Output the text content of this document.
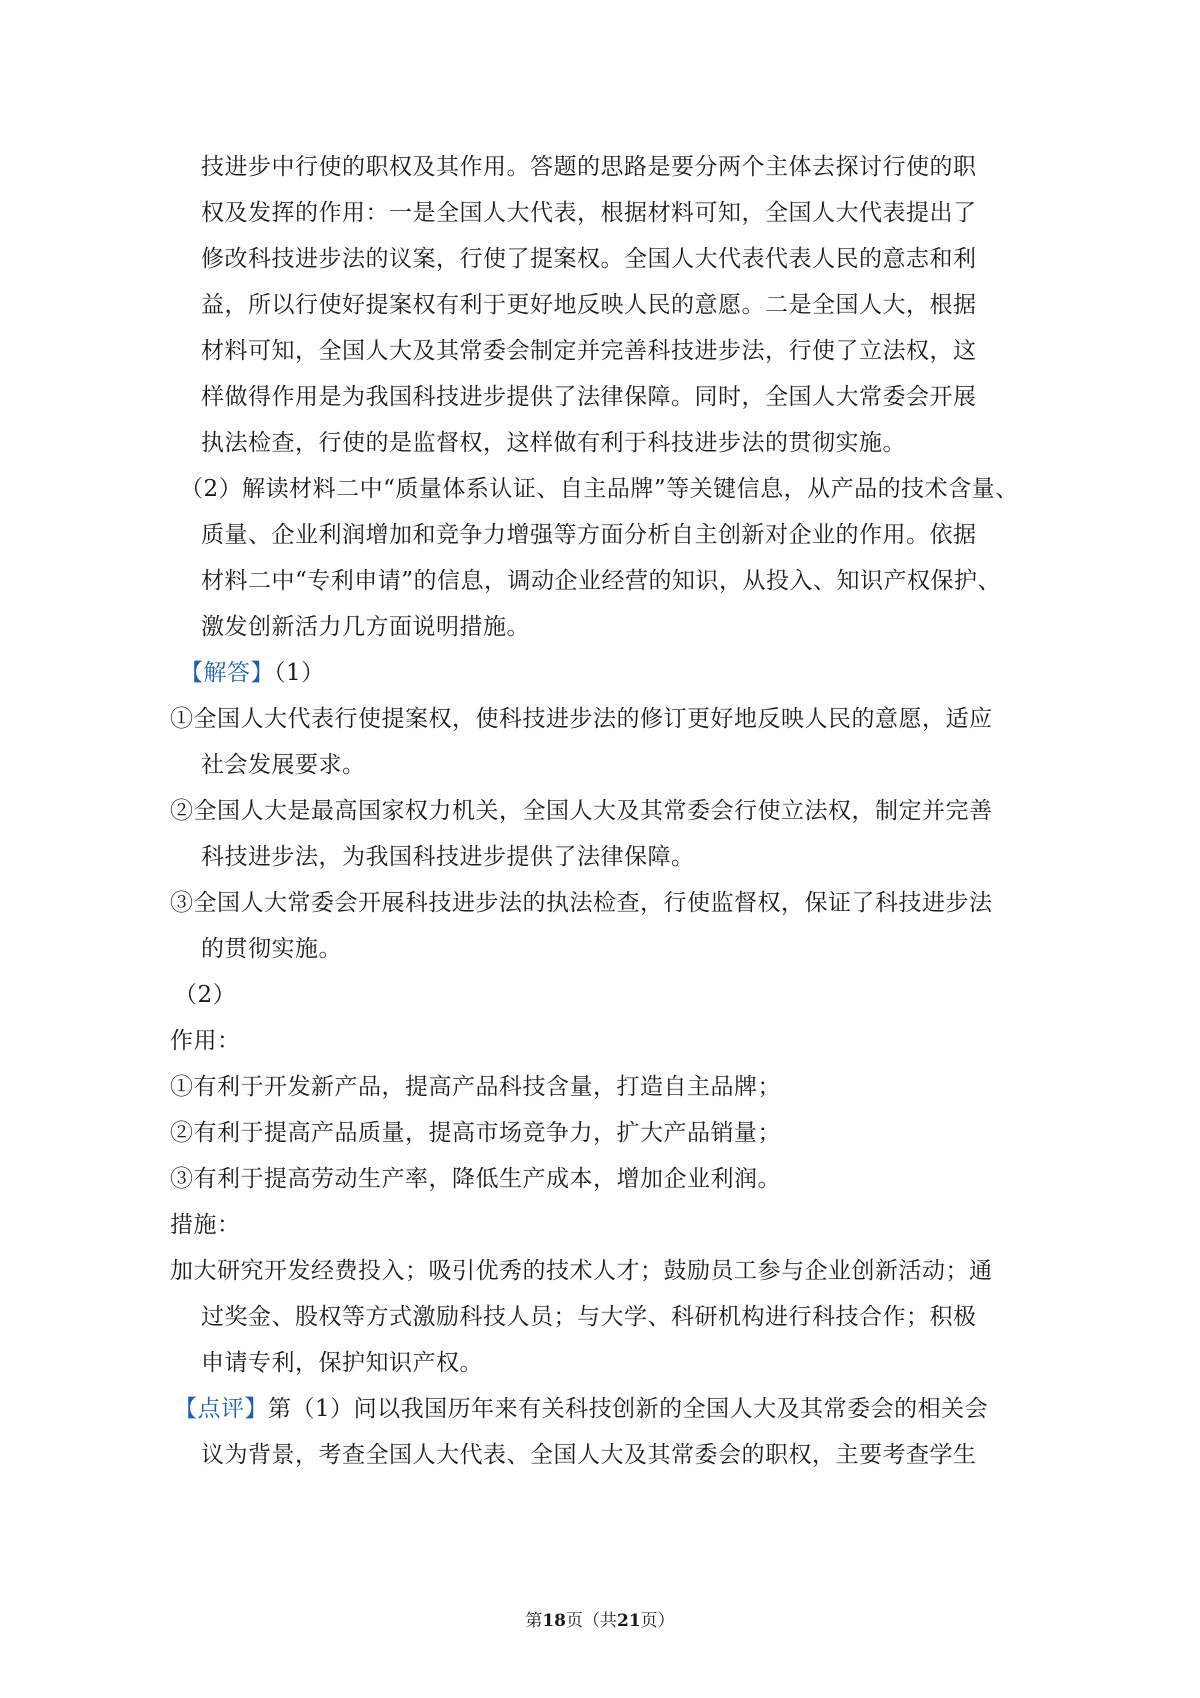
技进步中行使的职权及其作用。答题的思路是要分两个主体去探讨行使的职
权及发挥的作用：一是全国人大代表，根据材料可知，全国人大代表提出了
修改科技进步法的议案，行使了提案权。全国人大代表代表人民的意志和利
益，所以行使好提案权有利于更好地反映人民的意愿。二是全国人大，根据
材料可知，全国人大及其常委会制定并完善科技进步法，行使了立法权，这
样做得作用是为我国科技进步提供了法律保障。同时，全国人大常委会开展
执法检查，行使的是监督权，这样做有利于科技进步法的贯彻实施。
（2）解读材料二中“质量体系认证、自主品牌”等关键信息，从产品的技术含量、
质量、企业利润增加和竞争力增强等方面分析自主创新对企业的作用。依据
材料二中“专利申请”的信息，调动企业经营的知识，从投入、知识产权保护、
激发创新活力几方面说明措施。
【解答】（1）
①全国人大代表行使提案权，使科技进步法的修订更好地反映人民的意愿，适应
社会发展要求。
②全国人大是最高国家权力机关，全国人大及其常委会行使立法权，制定并完善
科技进步法，为我国科技进步提供了法律保障。
③全国人大常委会开展科技进步法的执法检查，行使监督权，保证了科技进步法
的贯彻实施。
（2）
作用：
①有利于开发新产品，提高产品科技含量，打造自主品牌；
②有利于提高产品质量，提高市场竞争力，扩大产品销量；
③有利于提高劳动生产率，降低生产成本，增加企业利润。
措施：
加大研究开发经费投入；吸引优秀的技术人才；鼓励员工参与企业创新活动；通
过奖金、股权等方式激励科技人员；与大学、科研机构进行科技合作；积极
申请专利，保护知识产权。
【点评】第（1）问以我国历年来有关科技创新的全国人大及其常委会的相关会
议为背景，考查全国人大代表、全国人大及其常委会的职权，主要考查学生
第18页（共21页）
